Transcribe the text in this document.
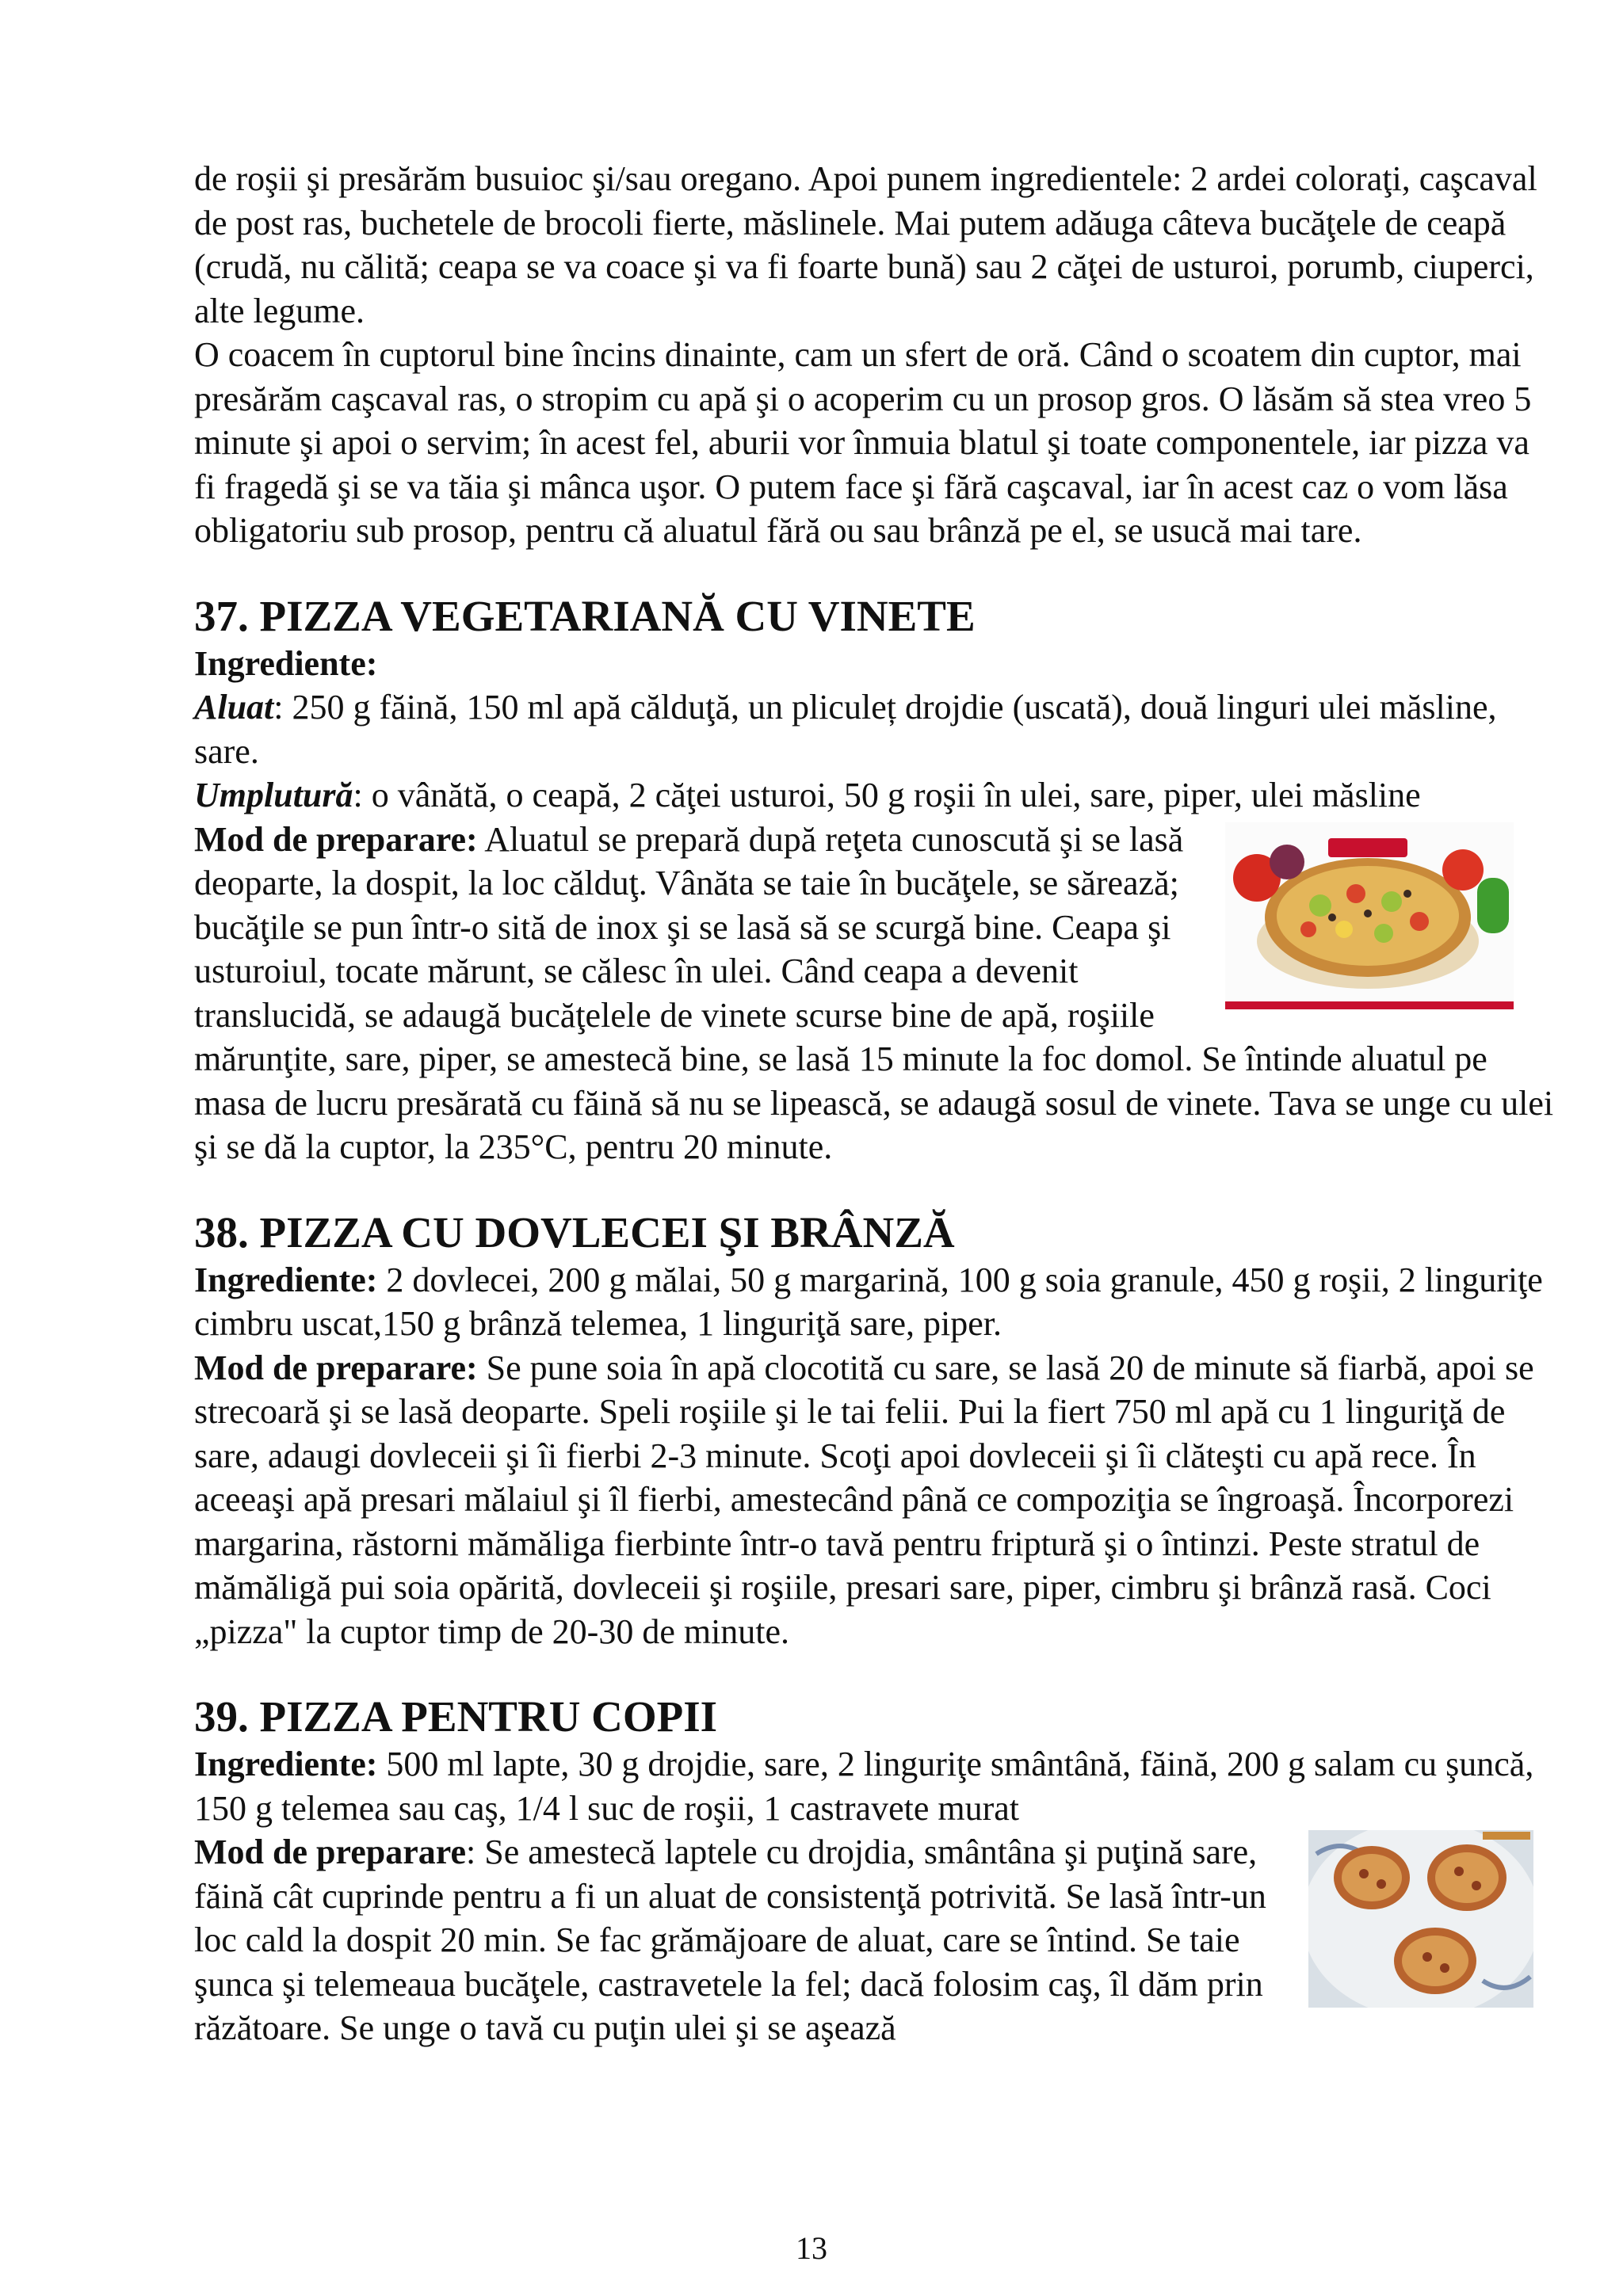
de roşii şi presărăm busuioc şi/sau oregano. Apoi punem ingredientele: 2 ardei coloraţi, caşcaval de post ras, buchetele de brocoli fierte, măslinele. Mai putem adăuga câteva bucăţele de ceapă (crudă, nu călită; ceapa se va coace şi va fi foarte bună) sau 2 căţei de usturoi, porumb, ciuperci, alte legume.

O coacem în cuptorul bine încins dinainte, cam un sfert de oră. Când o scoatem din cuptor, mai presărăm caşcaval ras, o stropim cu apă şi o acoperim cu un prosop gros. O lăsăm să stea vreo 5 minute şi apoi o servim; în acest fel, aburii vor înmuia blatul şi toate componentele, iar pizza va fi fragedă şi se va tăia şi mânca uşor. O putem face şi fără caşcaval, iar în acest caz o vom lăsa obligatoriu sub prosop, pentru că aluatul fără ou sau brânză pe el, se usucă mai tare.

37. PIZZA VEGETARIANĂ CU VINETE

Ingrediente:

Aluat: 250 g făină, 150 ml apă călduţă, un pliculeț drojdie (uscată), două linguri ulei măsline, sare.

Umplutură: o vânătă, o ceapă, 2 căţei usturoi, 50 g roşii în ulei, sare, piper, ulei măsline

Mod de preparare: Aluatul se prepară după reţeta cunoscută şi se lasă deoparte, la dospit, la loc călduţ. Vânăta se taie în bucăţele, se sărează; bucăţile se pun într-o sită de inox şi se lasă să se scurgă bine. Ceapa şi usturoiul, tocate mărunt, se călesc în ulei. Când ceapa a devenit translucidă, se adaugă bucăţelele de vinete scurse bine de apă, roşiile mărunţite, sare, piper, se amestecă bine, se lasă 15 minute la foc domol. Se întinde aluatul pe masa de lucru presărată cu făină să nu se lipească, se adaugă sosul de vinete. Tava se unge cu ulei şi se dă la cuptor, la 235°C, pentru 20 minute.

38. PIZZA CU DOVLECEI ŞI BRÂNZĂ

Ingrediente: 2 dovlecei, 200 g mălai, 50 g margarină, 100 g soia granule, 450 g roşii, 2 linguriţe cimbru uscat,150 g brânză telemea, 1 linguriţă sare, piper.

Mod de preparare: Se pune soia în apă clocotită cu sare, se lasă 20 de minute să fiarbă, apoi se strecoară şi se lasă deoparte. Speli roşiile şi le tai felii. Pui la fiert 750 ml apă cu 1 linguriţă de sare, adaugi dovleceii şi îi fierbi 2-3 minute. Scoţi apoi dovleceii şi îi clăteşti cu apă rece. În aceeaşi apă presari mălaiul şi îl fierbi, amestecând până ce compoziţia se îngroaşă. Încorporezi margarina, răstorni mămăliga fierbinte într-o tavă pentru friptură şi o întinzi. Peste stratul de mămăligă pui soia opărită, dovleceii şi roşiile, presari sare, piper, cimbru şi brânză rasă. Coci „pizza" la cuptor timp de 20-30 de minute.

39. PIZZA PENTRU COPII

Ingrediente: 500 ml lapte, 30 g drojdie, sare, 2 linguriţe smântână, făină, 200 g salam cu şuncă, 150 g telemea sau caş, 1/4 l suc de roşii, 1 castravete murat

Mod de preparare: Se amestecă laptele cu drojdia, smântâna şi puţină sare, făină cât cuprinde pentru a fi un aluat de consistenţă potrivită. Se lasă într-un loc cald la dospit 20 min. Se fac grămăjoare de aluat, care se întind. Se taie şunca şi telemeaua bucăţele, castravetele la fel; dacă folosim caş, îl dăm prin răzătoare. Se unge o tavă cu puţin ulei şi se aşează

13
